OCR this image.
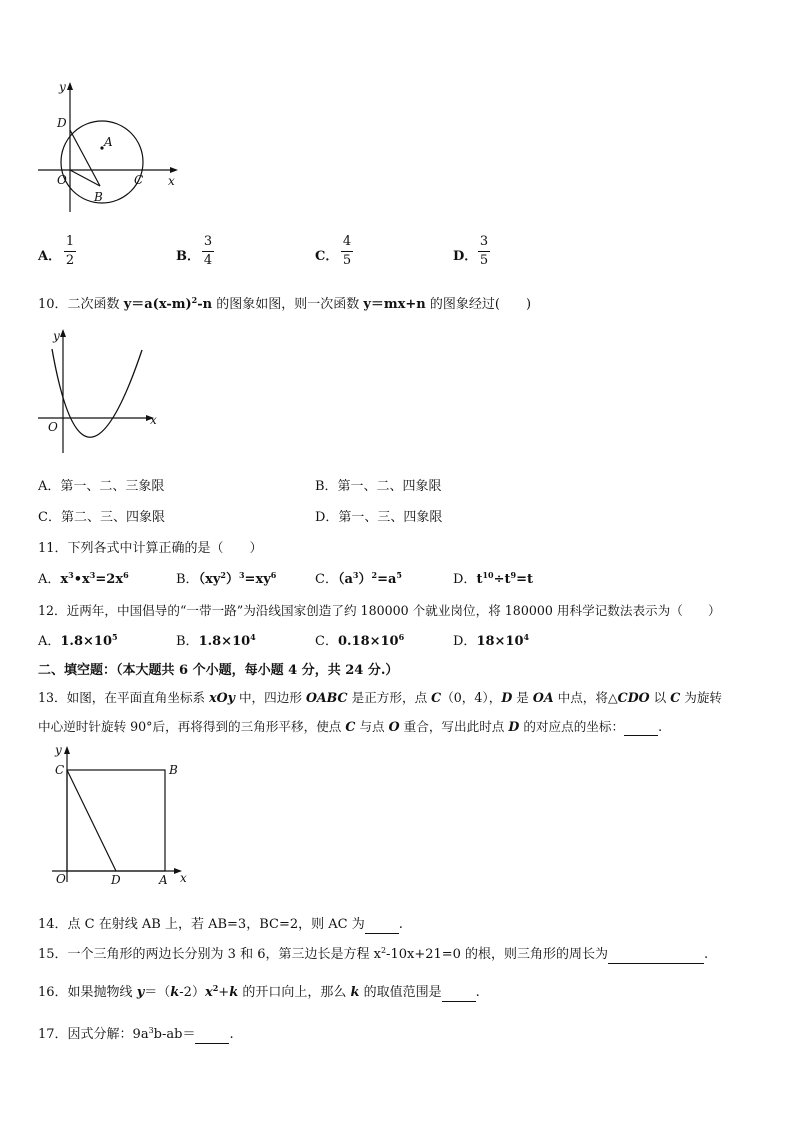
y
x
D
A
O
B
C
A．
1
2	B．
3
4	C．
4
5	D．
3
5
10．二次函数 $y=a(x-m)^2-n$ 的图象如图，则一次函数 y＝mx+n 的图象经过( )
y
x
O
A．第一、二、三象限	B．第一、二、四象限
C．第二、三、四象限	D．第一、三、四象限
11．下列各式中计算正确的是（　　）
A．$x^3•x^3=2x^6$	B．$(xy^2)^3=xy^6$	C．$(a^3)^2=a^5$	D．$t^{10}\div t^9=t$
12．近两年，中国倡导的“一带一路”为沿线国家创造了约 180000 个就业岗位，将 180000 用科学记数法表示为（　　）
A．$1.8\times 10^5$	B．$1.8\times 10^4$	C．$0.18\times 10^6$	D．$18\times 10^4$
二、填空题：（本大题共 6 个小题，每小题 4 分，共 24 分.）
13．如图，在平面直角坐标系 xOy 中，四边形 OABC 是正方形，点 C（0，4），D 是 OA 中点，将△CDO 以 C 为旋转
中心逆时针旋转 90°后，再将得到的三角形平移，使点 C 与点 O 重合，写出此时点 D 的对应点的坐标：	.
y
x
C	B
O	D	A
14．点 C 在射线 AB 上，若 AB=3，BC=2，则 AC 为	.
15．一个三角形的两边长分别为 3 和 6，第三边长是方程 $x^2-10x+21=0$ 的根，则三角形的周长为	.
16．如果抛物线 $y=(k-2)x^2+k$ 的开口向上，那么 k 的取值范围是	.
17．因式分解：$9a^3b-ab=$	.
